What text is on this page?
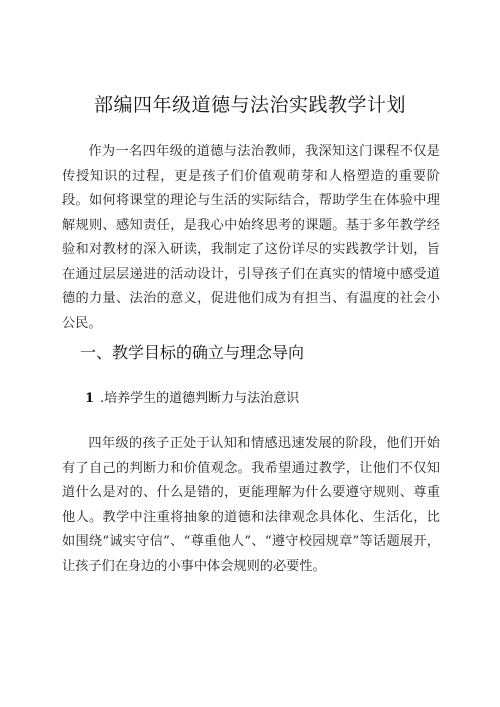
部编四年级道德与法治实践教学计划

作为一名四年级的道德与法治教师，我深知这门课程不仅是传授知识的过程，更是孩子们价值观萌芽和人格塑造的重要阶段。如何将课堂的理论与生活的实际结合，帮助学生在体验中理解规则、感知责任，是我心中始终思考的课题。基于多年教学经验和对教材的深入研读，我制定了这份详尽的实践教学计划，旨在通过层层递进的活动设计，引导孩子们在真实的情境中感受道德的力量、法治的意义，促进他们成为有担当、有温度的社会小公民。

一、教学目标的确立与理念导向
1 .培养学生的道德判断力与法治意识

四年级的孩子正处于认知和情感迅速发展的阶段，他们开始有了自己的判断力和价值观念。我希望通过教学，让他们不仅知道什么是对的、什么是错的，更能理解为什么要遵守规则、尊重他人。教学中注重将抽象的道德和法律观念具体化、生活化，比如围绕“诚实守信”、“尊重他人”、“遵守校园规章”等话题展开，让孩子们在身边的小事中体会规则的必要性。
